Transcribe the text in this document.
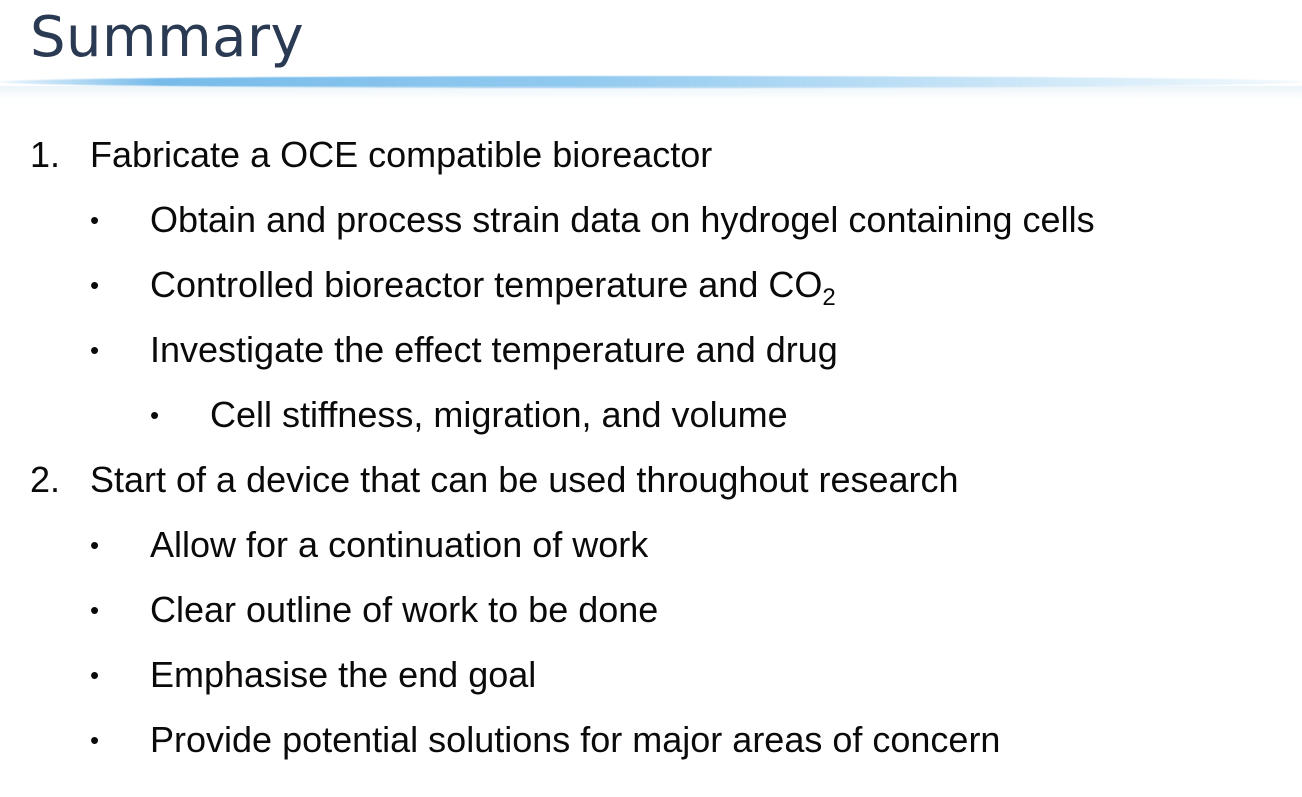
Summary
1. Fabricate a OCE compatible bioreactor
• Obtain and process strain data on hydrogel containing cells
• Controlled bioreactor temperature and $CO_2$
• Investigate the effect temperature and drug
• Cell stiffness, migration, and volume
2. Start of a device that can be used throughout research
• Allow for a continuation of work
• Clear outline of work to be done
• Emphasise the end goal
• Provide potential solutions for major areas of concern
